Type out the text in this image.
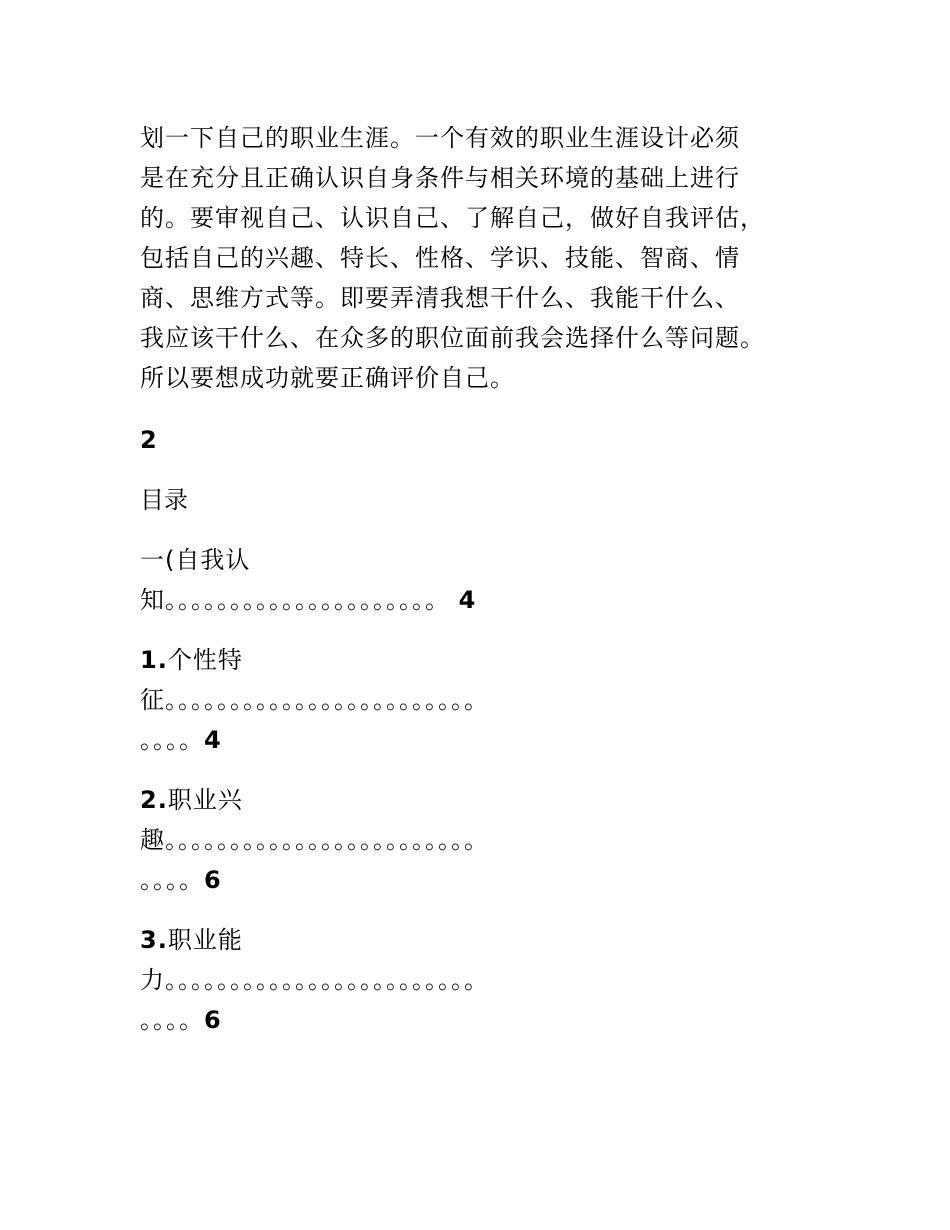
划一下自己的职业生涯。一个有效的职业生涯设计必须
是在充分且正确认识自身条件与相关环境的基础上进行
的。要审视自己、认识自己、了解自己，做好自我评估，
包括自己的兴趣、特长、性格、学识、技能、智商、情
商、思维方式等。即要弄清我想干什么、我能干什么、
我应该干什么、在众多的职位面前我会选择什么等问题。
所以要想成功就要正确评价自己。
2
目录
一(自我认
知。。。。。。。。。。。。。。。。。。。。。 4
1.个性特
征。。。。。。。。。。。。。。。。。。。。。。。。
。。。。4
2.职业兴
趣。。。。。。。。。。。。。。。。。。。。。。。。
。。。。6
3.职业能
力。。。。。。。。。。。。。。。。。。。。。。。。
。。。。6
